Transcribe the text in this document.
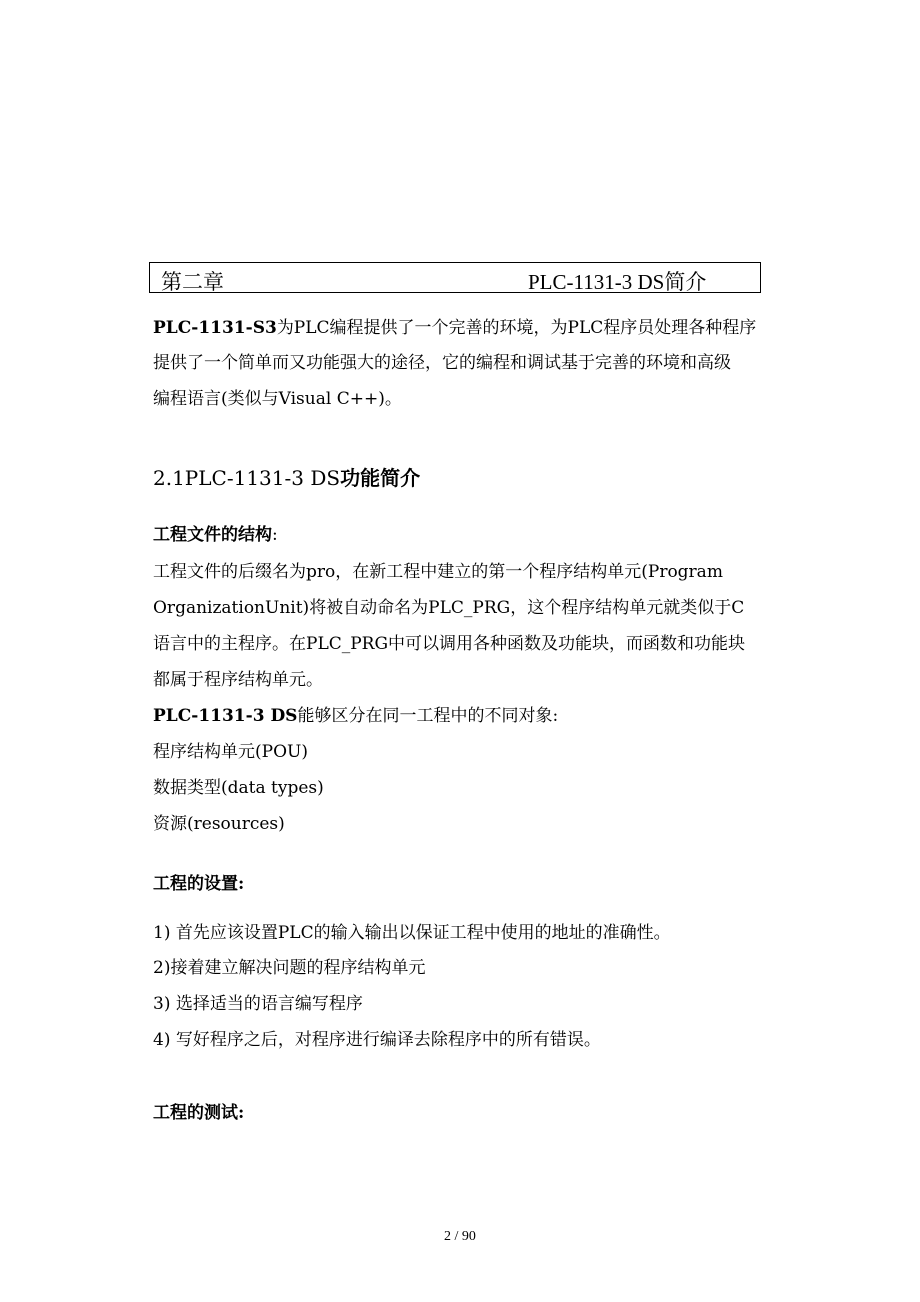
第二章	PLC-1131-3 DS简介
PLC-1131-S3为PLC编程提供了一个完善的环境，为PLC程序员处理各种程序
提供了一个简单而又功能强大的途径，它的编程和调试基于完善的环境和高级
编程语言(类似与Visual C++)。
2.1PLC-1131-3 DS功能简介
工程文件的结构:
工程文件的后缀名为pro，在新工程中建立的第一个程序结构单元(Program
OrganizationUnit)将被自动命名为PLC_PRG，这个程序结构单元就类似于C
语言中的主程序。在PLC_PRG中可以调用各种函数及功能块，而函数和功能块
都属于程序结构单元。
PLC-1131-3 DS能够区分在同一工程中的不同对象:
程序结构单元(POU)
数据类型(data types)
资源(resources)
工程的设置:
1) 首先应该设置PLC的输入输出以保证工程中使用的地址的准确性。
2)接着建立解决问题的程序结构单元
3) 选择适当的语言编写程序
4) 写好程序之后，对程序进行编译去除程序中的所有错误。
工程的测试:
2 / 90
